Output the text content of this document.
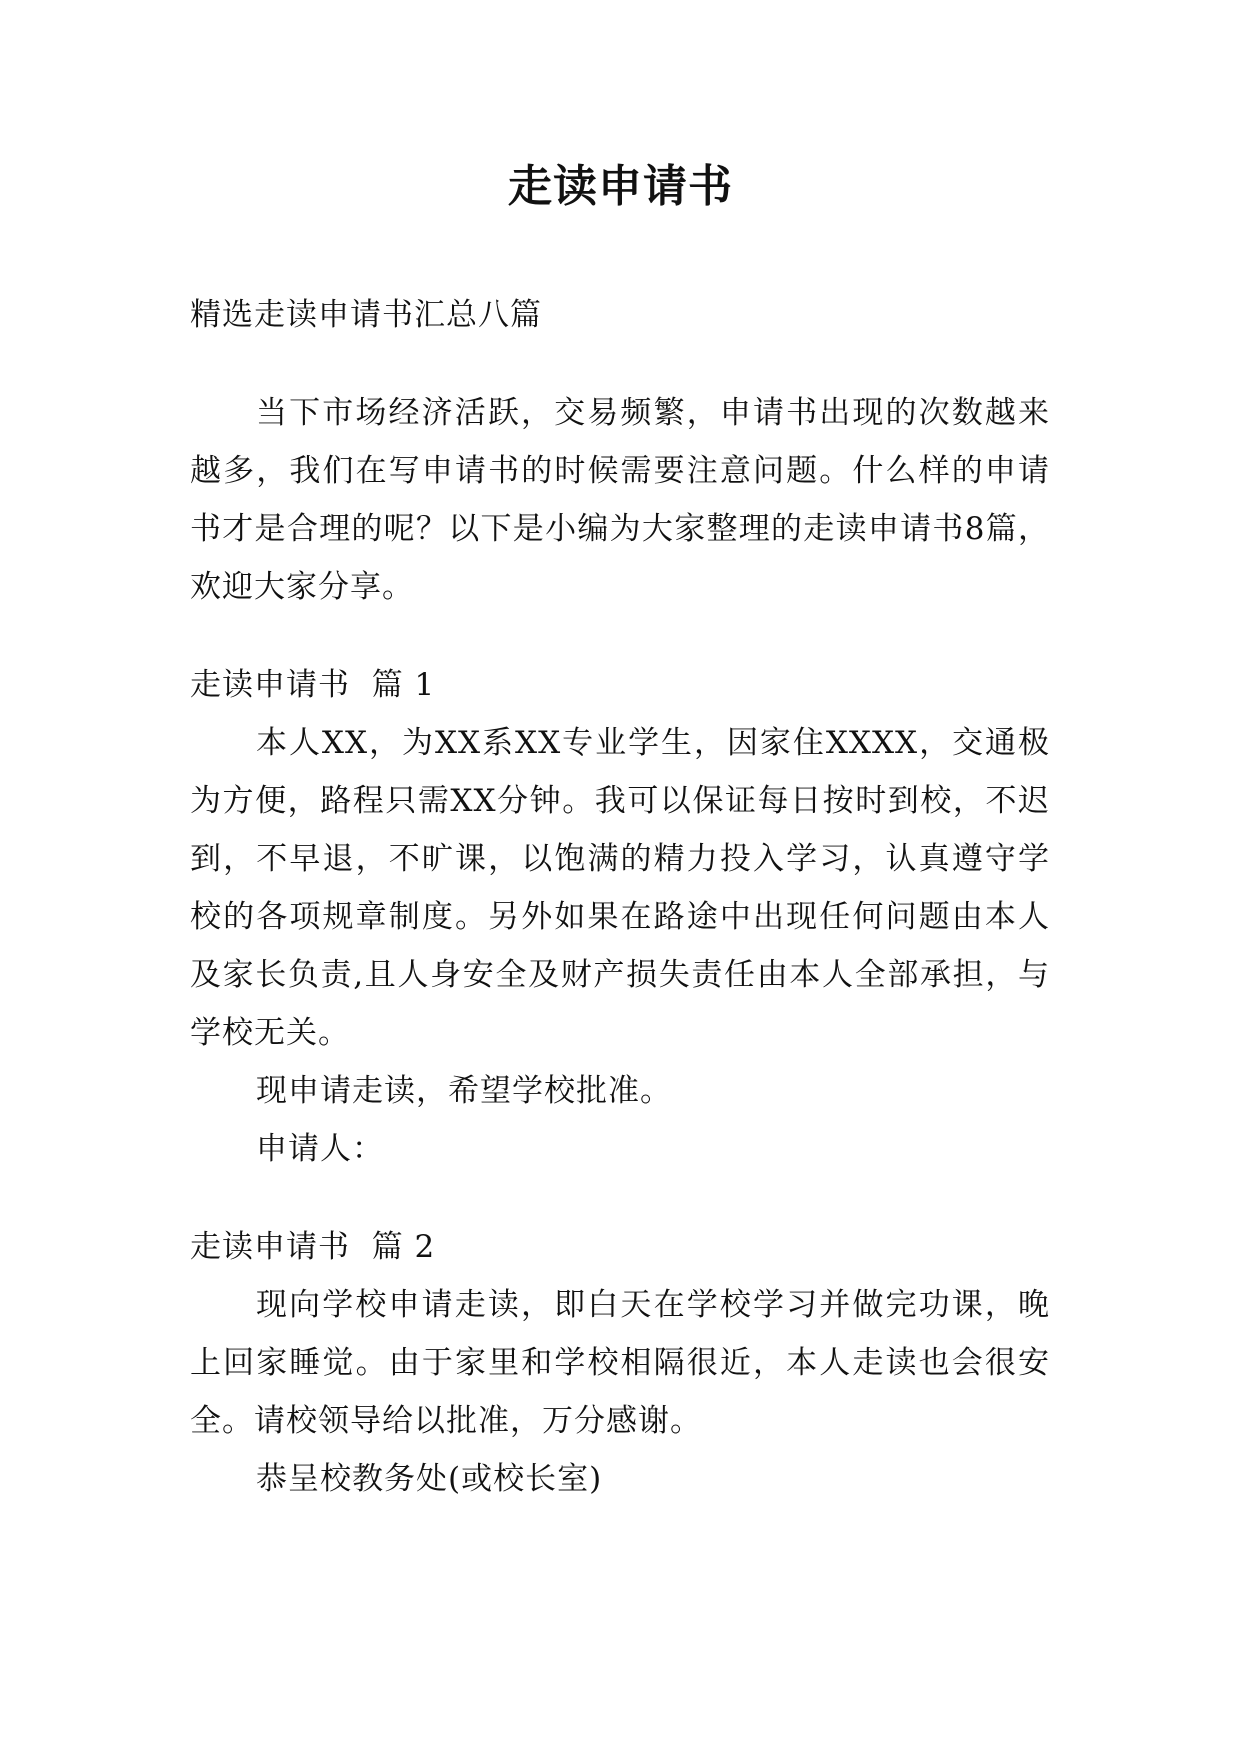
走读申请书

精选走读申请书汇总八篇

当下市场经济活跃，交易频繁，申请书出现的次数越来越多，我们在写申请书的时候需要注意问题。什么样的申请书才是合理的呢？以下是小编为大家整理的走读申请书8篇，欢迎大家分享。

走读申请书  篇 1

本人XX，为XX系XX专业学生，因家住XXXX，交通极为方便，路程只需XX分钟。我可以保证每日按时到校，不迟到，不早退，不旷课，以饱满的精力投入学习，认真遵守学校的各项规章制度。另外如果在路途中出现任何问题由本人及家长负责,且人身安全及财产损失责任由本人全部承担，与学校无关。

现申请走读，希望学校批准。

申请人：

走读申请书  篇 2

现向学校申请走读，即白天在学校学习并做完功课，晚上回家睡觉。由于家里和学校相隔很近，本人走读也会很安全。请校领导给以批准，万分感谢。

恭呈校教务处(或校长室)
